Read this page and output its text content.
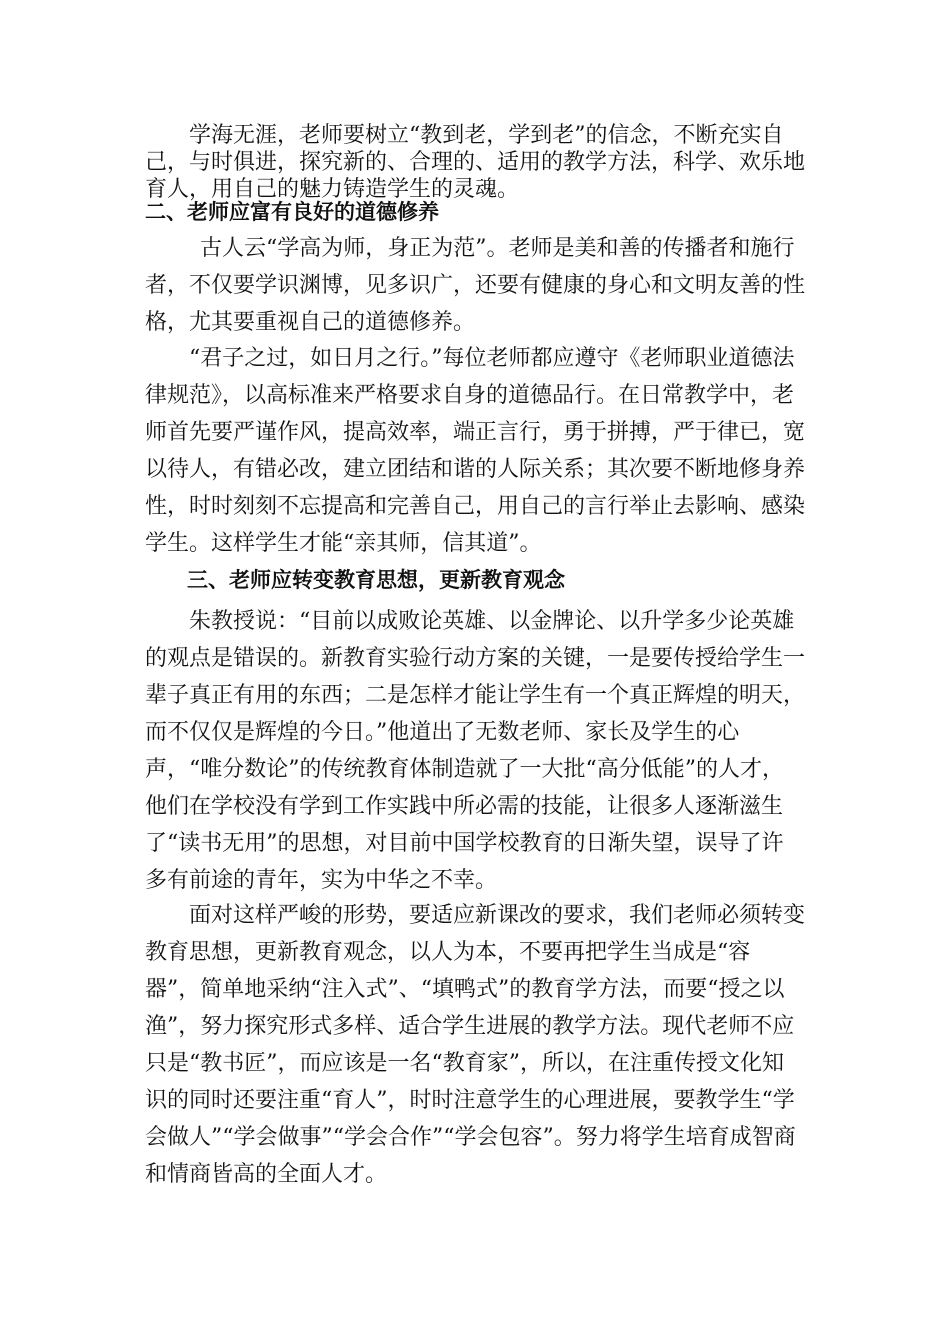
学海无涯，老师要树立“教到老，学到老”的信念，不断充实自己，与时俱进，探究新的、合理的、适用的教学方法，科学、欢乐地育人，用自己的魅力铸造学生的灵魂。

二、老师应富有良好的道德修养

古人云“学高为师，身正为范”。老师是美和善的传播者和施行者，不仅要学识渊博，见多识广，还要有健康的身心和文明友善的性格，尤其要重视自己的道德修养。

“君子之过，如日月之行。”每位老师都应遵守《老师职业道德法律规范》，以高标准来严格要求自身的道德品行。在日常教学中，老师首先要严谨作风，提高效率，端正言行，勇于拼搏，严于律已，宽以待人，有错必改，建立团结和谐的人际关系；其次要不断地修身养性，时时刻刻不忘提高和完善自己，用自己的言行举止去影响、感染学生。这样学生才能“亲其师，信其道”。

三、老师应转变教育思想，更新教育观念

朱教授说：“目前以成败论英雄、以金牌论、以升学多少论英雄的观点是错误的。新教育实验行动方案的关键，一是要传授给学生一辈子真正有用的东西；二是怎样才能让学生有一个真正辉煌的明天，而不仅仅是辉煌的今日。”他道出了无数老师、家长及学生的心声，“唯分数论”的传统教育体制造就了一大批“高分低能”的人才，他们在学校没有学到工作实践中所必需的技能，让很多人逐渐滋生了“读书无用”的思想，对目前中国学校教育的日渐失望，误导了许多有前途的青年，实为中华之不幸。

面对这样严峻的形势，要适应新课改的要求，我们老师必须转变教育思想，更新教育观念，以人为本，不要再把学生当成是“容器”，简单地采纳“注入式”、“填鸭式”的教育学方法，而要“授之以渔”，努力探究形式多样、适合学生进展的教学方法。现代老师不应只是“教书匠”，而应该是一名“教育家”，所以，在注重传授文化知识的同时还要注重“育人”，时时注意学生的心理进展，要教学生“学会做人”“学会做事”“学会合作”“学会包容”。努力将学生培育成智商和情商皆高的全面人才。
